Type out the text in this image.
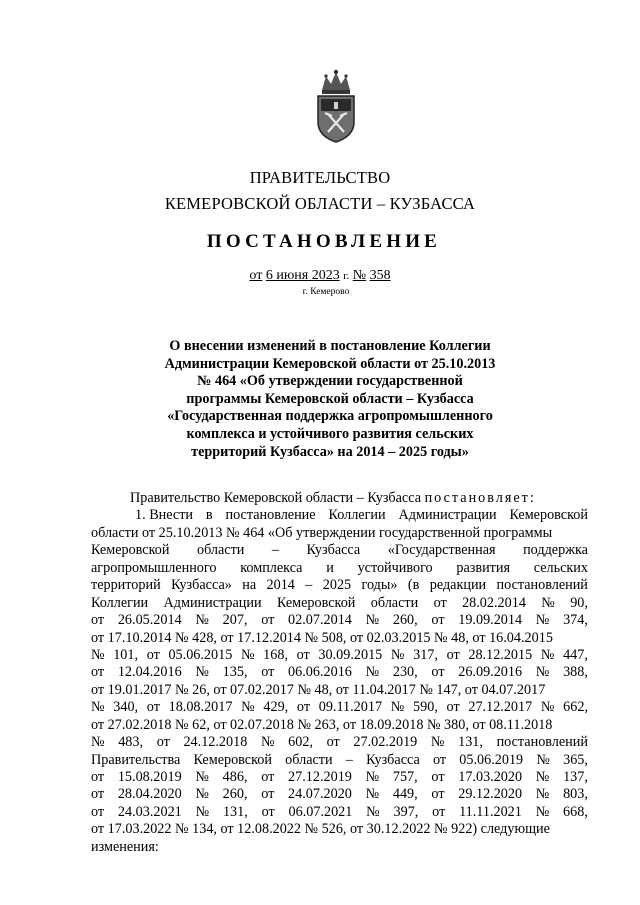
ПРАВИТЕЛЬСТВО
КЕМЕРОВСКОЙ ОБЛАСТИ – КУЗБАССА
ПОСТАНОВЛЕНИЕ
от 6 июня 2023 г. № 358
г. Кемерово
О внесении изменений в постановление Коллегии
Администрации Кемеровской области от 25.10.2013
№ 464 «Об утверждении государственной
программы Кемеровской области – Кузбасса
«Государственная поддержка агропромышленного
комплекса и устойчивого развития сельских
территорий Кузбасса» на 2014 – 2025 годы»
Правительство Кемеровской области – Кузбасса
постановляет:
1. Внести в постановление Коллегии Администрации Кемеровской
области от 25.10.2013 № 464 «Об утверждении государственной программы
Кемеровской области – Кузбасса «Государственная поддержка
агропромышленного комплекса и устойчивого развития сельских
территорий Кузбасса» на 2014 – 2025 годы» (в редакции постановлений
Коллегии Администрации Кемеровской области от 28.02.2014 № 90,
от 26.05.2014 № 207, от 02.07.2014 № 260, от 19.09.2014 № 374,
от 17.10.2014 № 428, от 17.12.2014 № 508, от 02.03.2015 № 48, от 16.04.2015
№ 101, от 05.06.2015 № 168, от 30.09.2015 № 317, от 28.12.2015 № 447,
от 12.04.2016 № 135, от 06.06.2016 № 230, от 26.09.2016 № 388,
от 19.01.2017 № 26, от 07.02.2017 № 48, от 11.04.2017 № 147, от 04.07.2017
№ 340, от 18.08.2017 № 429, от 09.11.2017 № 590, от 27.12.2017 № 662,
от 27.02.2018 № 62, от 02.07.2018 № 263, от 18.09.2018 № 380, от 08.11.2018
№ 483, от 24.12.2018 № 602, от 27.02.2019 № 131, постановлений
Правительства Кемеровской области – Кузбасса от 05.06.2019 № 365,
от 15.08.2019 № 486, от 27.12.2019 № 757, от 17.03.2020 № 137,
от 28.04.2020 № 260, от 24.07.2020 № 449, от 29.12.2020 № 803,
от 24.03.2021 № 131, от 06.07.2021 № 397, от 11.11.2021 № 668,
от 17.03.2022 № 134, от 12.08.2022 № 526, от 30.12.2022 № 922) следующие
изменения:
